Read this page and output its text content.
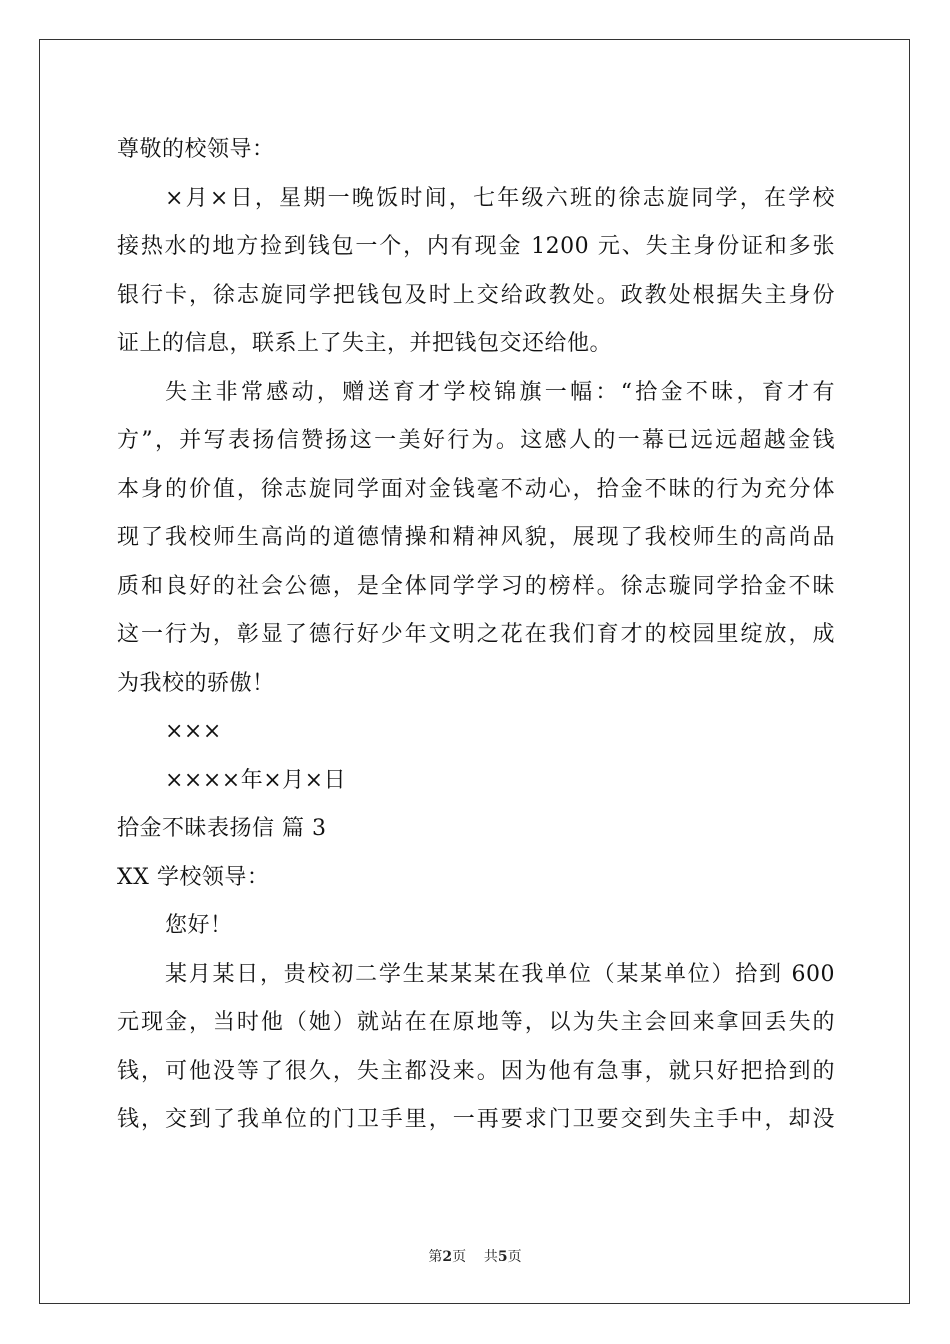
尊敬的校领导：
×月×日，星期一晚饭时间，七年级六班的徐志旋同学，在学校
接热水的地方捡到钱包一个，内有现金 1200 元、失主身份证和多张
银行卡，徐志旋同学把钱包及时上交给政教处。政教处根据失主身份
证上的信息，联系上了失主，并把钱包交还给他。
失主非常感动，赠送育才学校锦旗一幅：“拾金不昧，育才有
方”，并写表扬信赞扬这一美好行为。这感人的一幕已远远超越金钱
本身的价值，徐志旋同学面对金钱毫不动心，拾金不昧的行为充分体
现了我校师生高尚的道德情操和精神风貌，展现了我校师生的高尚品
质和良好的社会公德，是全体同学学习的榜样。徐志璇同学拾金不昧
这一行为，彰显了德行好少年文明之花在我们育才的校园里绽放，成
为我校的骄傲！
×××
××××年×月×日
拾金不昧表扬信 篇 3
XX 学校领导：
您好！
某月某日，贵校初二学生某某某在我单位（某某单位）拾到 600
元现金，当时他（她）就站在在原地等，以为失主会回来拿回丢失的
钱，可他没等了很久，失主都没来。因为他有急事，就只好把拾到的
钱，交到了我单位的门卫手里，一再要求门卫要交到失主手中，却没
第2页 共5页
